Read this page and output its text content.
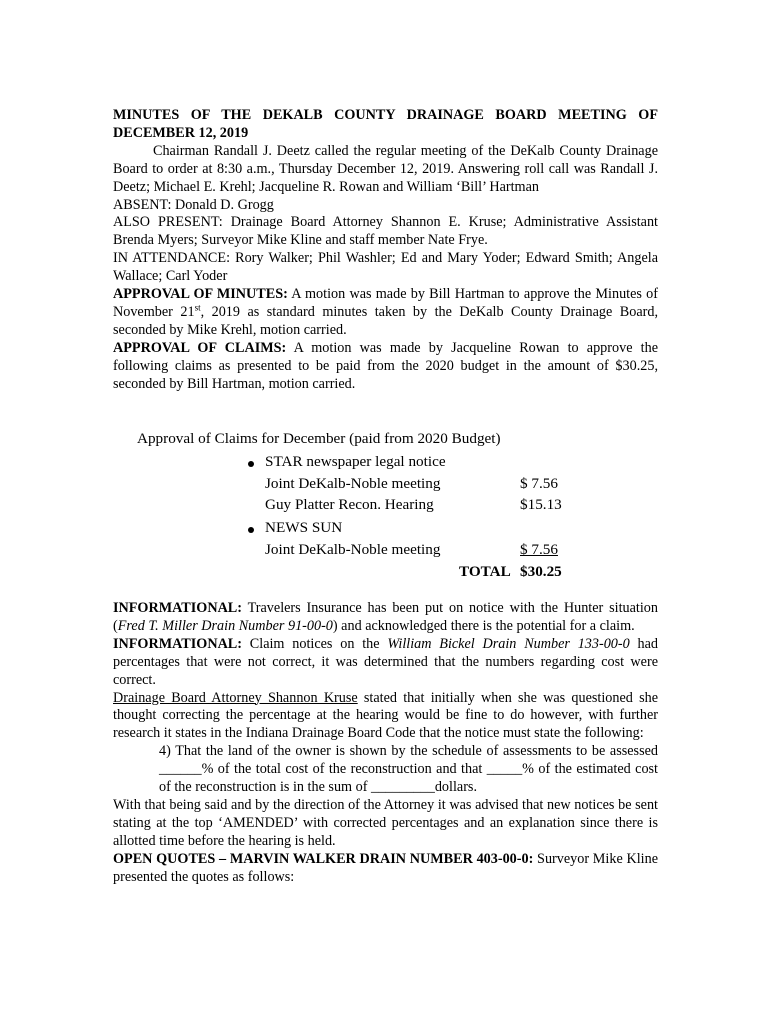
MINUTES OF THE DEKALB COUNTY DRAINAGE BOARD MEETING OF DECEMBER 12, 2019

Chairman Randall J. Deetz called the regular meeting of the DeKalb County Drainage Board to order at 8:30 a.m., Thursday December 12, 2019. Answering roll call was Randall J. Deetz; Michael E. Krehl; Jacqueline R. Rowan and William ‘Bill’ Hartman

ABSENT: Donald D. Grogg

ALSO PRESENT: Drainage Board Attorney Shannon E. Kruse; Administrative Assistant Brenda Myers; Surveyor Mike Kline and staff member Nate Frye.

IN ATTENDANCE: Rory Walker; Phil Washler; Ed and Mary Yoder; Edward Smith; Angela Wallace; Carl Yoder

APPROVAL OF MINUTES: A motion was made by Bill Hartman to approve the Minutes of November 21st, 2019 as standard minutes taken by the DeKalb County Drainage Board, seconded by Mike Krehl, motion carried.

APPROVAL OF CLAIMS: A motion was made by Jacqueline Rowan to approve the following claims as presented to be paid from the 2020 budget in the amount of $30.25, seconded by Bill Hartman, motion carried.

Approval of Claims for December (paid from 2020 Budget)
STAR newspaper legal notice
Joint DeKalb-Noble meeting	$ 7.56
Guy Platter Recon. Hearing	$15.13
NEWS SUN
Joint DeKalb-Noble meeting	$ 7.56
TOTAL $30.25

INFORMATIONAL: Travelers Insurance has been put on notice with the Hunter situation (Fred T. Miller Drain Number 91-00-0) and acknowledged there is the potential for a claim.

INFORMATIONAL: Claim notices on the William Bickel Drain Number 133-00-0 had percentages that were not correct, it was determined that the numbers regarding cost were correct.

Drainage Board Attorney Shannon Kruse stated that initially when she was questioned she thought correcting the percentage at the hearing would be fine to do however, with further research it states in the Indiana Drainage Board Code that the notice must state the following:

4) That the land of the owner is shown by the schedule of assessments to be assessed ______% of the total cost of the reconstruction and that _____% of the estimated cost of the reconstruction is in the sum of _________dollars.

With that being said and by the direction of the Attorney it was advised that new notices be sent stating at the top ‘AMENDED’ with corrected percentages and an explanation since there is allotted time before the hearing is held.

OPEN QUOTES – MARVIN WALKER DRAIN NUMBER 403-00-0: Surveyor Mike Kline presented the quotes as follows:
